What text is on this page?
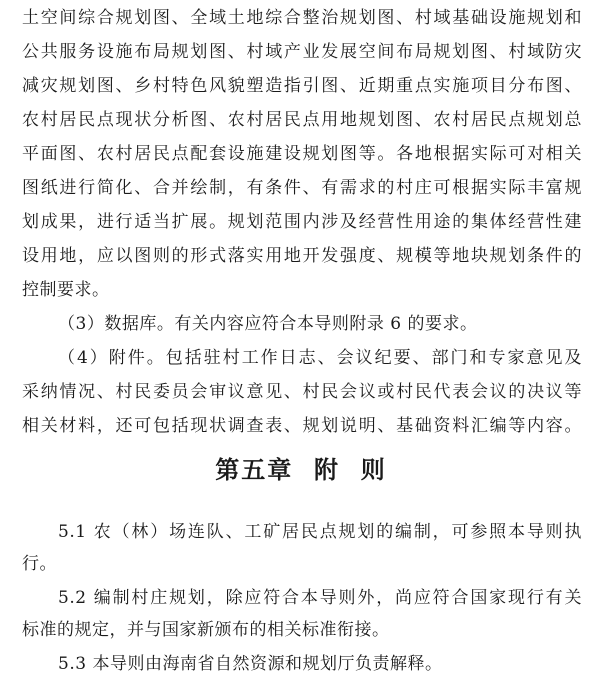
土空间综合规划图、全域土地综合整治规划图、村域基础设施规划和
公共服务设施布局规划图、村域产业发展空间布局规划图、村域防灾
减灾规划图、乡村特色风貌塑造指引图、近期重点实施项目分布图、
农村居民点现状分析图、农村居民点用地规划图、农村居民点规划总
平面图、农村居民点配套设施建设规划图等。各地根据实际可对相关
图纸进行简化、合并绘制，有条件、有需求的村庄可根据实际丰富规
划成果，进行适当扩展。规划范围内涉及经营性用途的集体经营性建
设用地，应以图则的形式落实用地开发强度、规模等地块规划条件的
控制要求。
（3）数据库。有关内容应符合本导则附录 6 的要求。
（4）附件。包括驻村工作日志、会议纪要、部门和专家意见及
采纳情况、村民委员会审议意见、村民会议或村民代表会议的决议等
相关材料，还可包括现状调查表、规划说明、基础资料汇编等内容。
第五章  附  则
5.1 农（林）场连队、工矿居民点规划的编制，可参照本导则执
行。
5.2 编制村庄规划，除应符合本导则外，尚应符合国家现行有关
标准的规定，并与国家新颁布的相关标准衔接。
5.3 本导则由海南省自然资源和规划厅负责解释。
